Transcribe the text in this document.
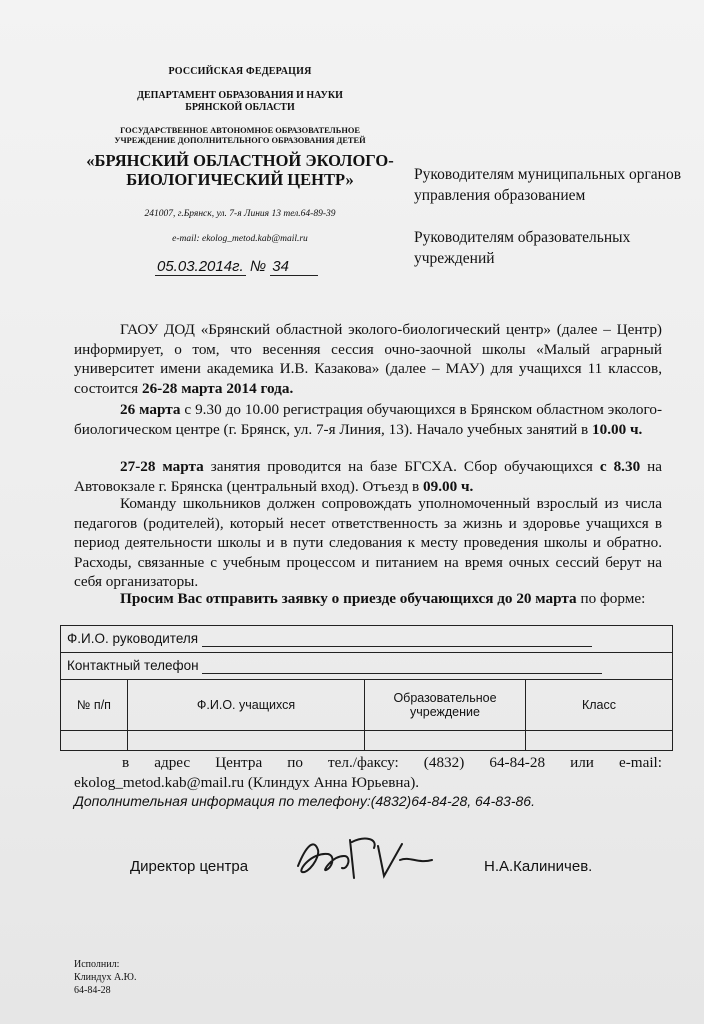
РОССИЙСКАЯ ФЕДЕРАЦИЯ
ДЕПАРТАМЕНТ ОБРАЗОВАНИЯ И НАУКИ
БРЯНСКОЙ ОБЛАСТИ
ГОСУДАРСТВЕННОЕ АВТОНОМНОЕ ОБРАЗОВАТЕЛЬНОЕ
УЧРЕЖДЕНИЕ ДОПОЛНИТЕЛЬНОГО ОБРАЗОВАНИЯ ДЕТЕЙ
«БРЯНСКИЙ ОБЛАСТНОЙ ЭКОЛОГО-
БИОЛОГИЧЕСКИЙ ЦЕНТР»
241007, г.Брянск, ул. 7-я Линия 13 тел.64-89-39
e-mail: ekolog_metod.kab@mail.ru
05.03.2014г. № 34
Руководителям муниципальных органов управления образованием
Руководителям образовательных учреждений
ГАОУ ДОД «Брянский областной эколого-биологический центр» (далее – Центр) информирует, о том, что весенняя сессия очно-заочной школы «Малый аграрный университет имени академика И.В. Казакова» (далее – МАУ) для учащихся 11 классов, состоится 26-28 марта 2014 года.
26 марта с 9.30 до 10.00 регистрация обучающихся в Брянском областном эколого-биологическом центре (г. Брянск, ул. 7-я Линия, 13). Начало учебных занятий в 10.00 ч.
27-28 марта занятия проводится на базе БГСХА. Сбор обучающихся с 8.30 на Автовокзале г. Брянска (центральный вход). Отъезд в 09.00 ч.
Команду школьников должен сопровождать уполномоченный взрослый из числа педагогов (родителей), который несет ответственность за жизнь и здоровье учащихся в период деятельности школы и в пути следования к месту проведения школы и обратно. Расходы, связанные с учебным процессом и питанием на время очных сессий берут на себя организаторы.
Просим Вас отправить заявку о приезде обучающихся до 20 марта по форме:
Ф.И.О. руководителя			
Контактный телефон			
№ п/п	Ф.И.О. учащихся	Образовательное учреждение	Класс

в адрес Центра по тел./факсу: (4832) 64-84-28 или e-mail: ekolog_metod.kab@mail.ru (Клиндух Анна Юрьевна).
Дополнительная информация по телефону:(4832)64-84-28, 64-83-86.
Директор центра	Н.А.Калиничев.
Исполнил:
Клиндух А.Ю.
64-84-28
